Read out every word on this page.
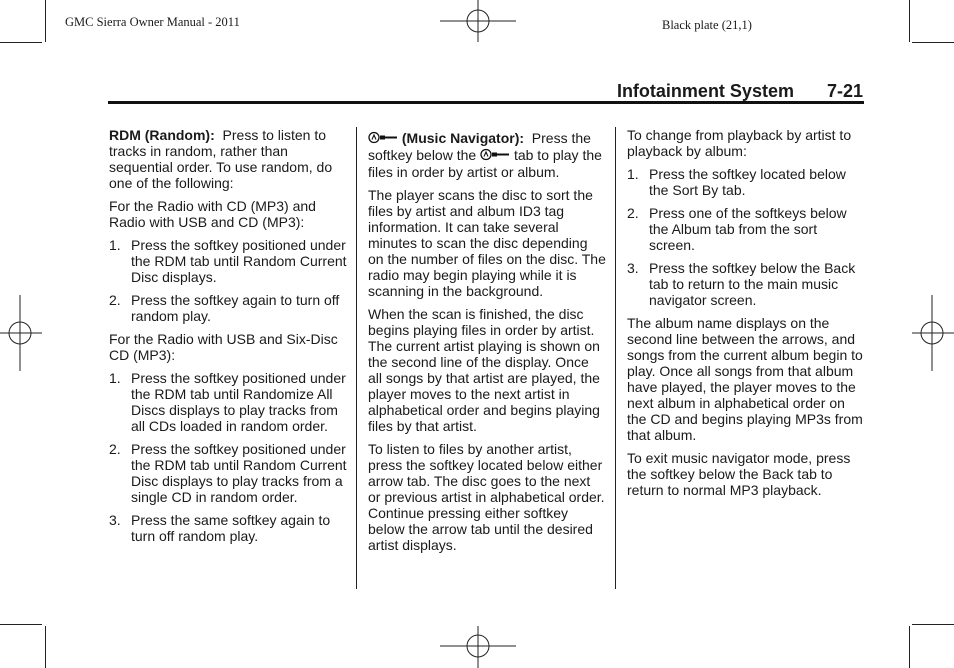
GMC Sierra Owner Manual - 2011	Black plate (21,1)
Infotainment System 7-21

RDM (Random): Press to listen to tracks in random, rather than sequential order. To use random, do one of the following:

For the Radio with CD (MP3) and Radio with USB and CD (MP3):

1. Press the softkey positioned under the RDM tab until Random Current Disc displays.
2. Press the softkey again to turn off random play.

For the Radio with USB and Six-Disc CD (MP3):

1. Press the softkey positioned under the RDM tab until Randomize All Discs displays to play tracks from all CDs loaded in random order.
2. Press the softkey positioned under the RDM tab until Random Current Disc displays to play tracks from a single CD in random order.
3. Press the same softkey again to turn off random play.

(Music Navigator): Press the softkey below the	tab to play the files in order by artist or album.

The player scans the disc to sort the files by artist and album ID3 tag information. It can take several minutes to scan the disc depending on the number of files on the disc. The radio may begin playing while it is scanning in the background.

When the scan is finished, the disc begins playing files in order by artist. The current artist playing is shown on the second line of the display. Once all songs by that artist are played, the player moves to the next artist in alphabetical order and begins playing files by that artist.

To listen to files by another artist, press the softkey located below either arrow tab. The disc goes to the next or previous artist in alphabetical order. Continue pressing either softkey below the arrow tab until the desired artist displays.

To change from playback by artist to playback by album:

1. Press the softkey located below the Sort By tab.
2. Press one of the softkeys below the Album tab from the sort screen.
3. Press the softkey below the Back tab to return to the main music navigator screen.

The album name displays on the second line between the arrows, and songs from the current album begin to play. Once all songs from that album have played, the player moves to the next album in alphabetical order on the CD and begins playing MP3s from that album.

To exit music navigator mode, press the softkey below the Back tab to return to normal MP3 playback.
